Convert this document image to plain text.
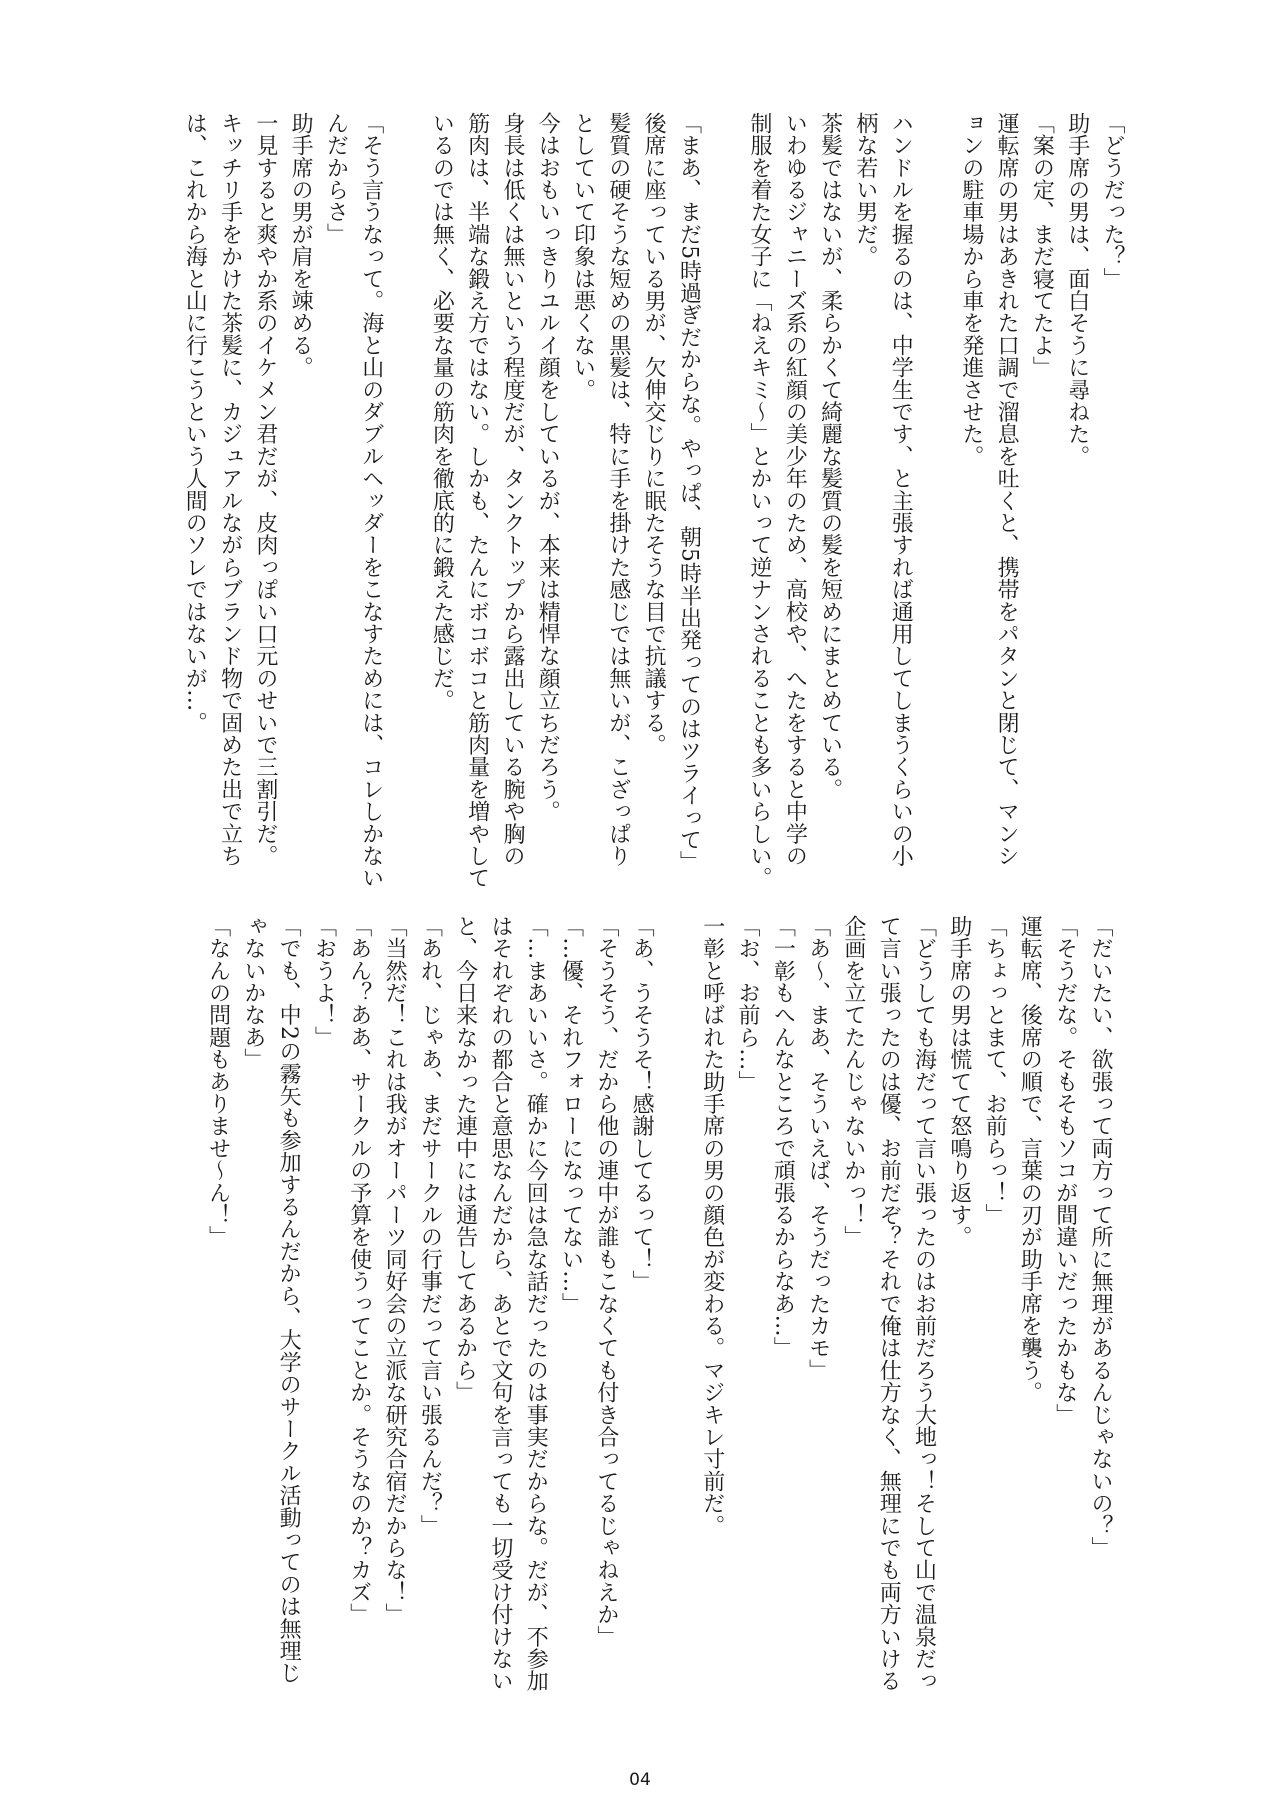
「どうだった？」
助手席の男は、面白そうに尋ねた。
「案の定、まだ寝てたよ」
運転席の男はあきれた口調で溜息を吐くと、携帯をパタンと閉じて、マンシ
ョンの駐車場から車を発進させた。
ハンドルを握るのは、中学生です、と主張すれば通用してしまうくらいの小
柄な若い男だ。
茶髪ではないが、柔らかくて綺麗な髪質の髪を短めにまとめている。
いわゆるジャニーズ系の紅顔の美少年のため、高校や、へたをすると中学の
制服を着た女子に「ねえキミ～」とかいって逆ナンされることも多いらしい。
「まあ、まだ5時過ぎだからな。やっぱ、朝5時半出発ってのはツライって」
後席に座っている男が、欠伸交じりに眠たそうな目で抗議する。
髪質の硬そうな短めの黒髪は、特に手を掛けた感じでは無いが、こざっぱり
としていて印象は悪くない。
今はおもいっきりユルイ顔をしているが、本来は精悍な顔立ちだろう。
身長は低くは無いという程度だが、タンクトップから露出している腕や胸の
筋肉は、半端な鍛え方ではない。しかも、たんにボコボコと筋肉量を増やして
いるのでは無く、必要な量の筋肉を徹底的に鍛えた感じだ。
「そう言うなって。海と山のダブルヘッダーをこなすためには、コレしかない
んだからさ」
助手席の男が肩を竦める。
一見すると爽やか系のイケメン君だが、皮肉っぽい口元のせいで三割引だ。
キッチリ手をかけた茶髪に、カジュアルながらブランド物で固めた出で立ち
は、これから海と山に行こうという人間のソレではないが…。
「だいたい、欲張って両方って所に無理があるんじゃないの？」
「そうだな。そもそもソコが間違いだったかもな」
運転席、後席の順で、言葉の刃が助手席を襲う。
「ちょっとまて、お前らっ！」
助手席の男は慌てて怒鳴り返す。
「どうしても海だって言い張ったのはお前だろう大地っ！そして山で温泉だっ
て言い張ったのは優、お前だぞ？それで俺は仕方なく、無理にでも両方いける
企画を立てたんじゃないかっ！」
「あ～、まあ、そういえば、そうだったカモ」
「一彰もへんなところで頑張るからなあ…」
「お、お前ら…」
一彰と呼ばれた助手席の男の顔色が変わる。マジキレ寸前だ。
「あ、うそうそ！感謝してるって！」
「そうそう、だから他の連中が誰もこなくても付き合ってるじゃねえか」
「…優、それフォローになってない…」
「…まあいいさ。確かに今回は急な話だったのは事実だからな。だが、不参加
はそれぞれの都合と意思なんだから、あとで文句を言っても一切受け付けない
と、今日来なかった連中には通告してあるから」
「あれ、じゃあ、まだサークルの行事だって言い張るんだ？」
「当然だ！これは我がオーパーツ同好会の立派な研究合宿だからな！」
「あん？ああ、サークルの予算を使うってことか。そうなのか？カズ」
「おうよ！」
「でも、中2の霧矢も参加するんだから、大学のサークル活動ってのは無理じ
ゃないかなあ」
「なんの問題もありませ～ん！」
04
